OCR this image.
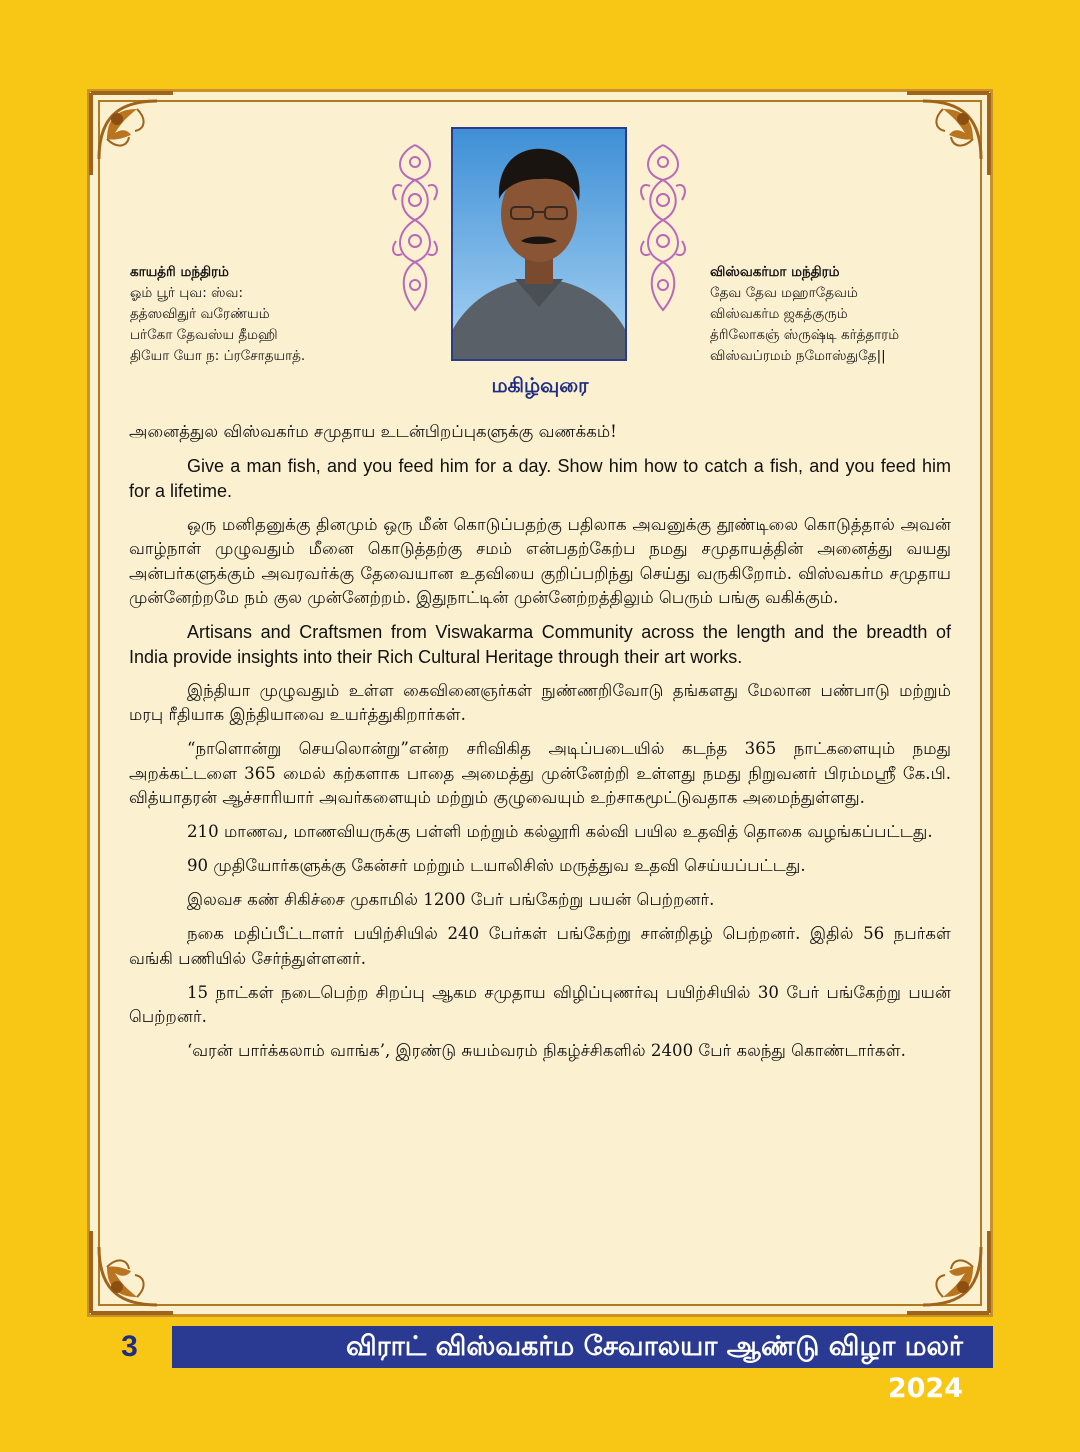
காயத்ரி மந்திரம்
ஓம் பூர் புவ: ஸ்வ:
தத்ஸவிதுர் வரேண்யம்
பர்கோ தேவஸ்ய தீமஹி
தியோ யோ ந: ப்ரசோதயாத்.
விஸ்வகர்மா மந்திரம்
தேவ தேவ மஹாதேவம்
விஸ்வகர்ம ஜகத்குரும்
த்ரிலோகஞ் ஸ்ருஷ்டி கர்த்தாரம்
விஸ்வப்ரமம் நமோஸ்துதே||
மகிழ்வுரை

அனைத்துல விஸ்வகர்ம சமுதாய உடன்பிறப்புகளுக்கு வணக்கம்!

Give a man fish, and you feed him for a day. Show him how to catch a fish, and you feed him for a lifetime.

ஒரு மனிதனுக்கு தினமும் ஒரு மீன் கொடுப்பதற்கு பதிலாக அவனுக்கு தூண்டிலை கொடுத்தால் அவன் வாழ்நாள் முழுவதும் மீனை கொடுத்தற்கு சமம் என்பதற்கேற்ப நமது சமுதாயத்தின் அனைத்து வயது அன்பர்களுக்கும் அவரவர்க்கு தேவையான உதவியை குறிப்பறிந்து செய்து வருகிறோம். விஸ்வகர்ம சமுதாய முன்னேற்றமே நம் குல முன்னேற்றம். இதுநாட்டின் முன்னேற்றத்திலும் பெரும் பங்கு வகிக்கும்.

Artisans and Craftsmen from Viswakarma Community across the length and the breadth of India provide insights into their Rich Cultural Heritage through their art works.

இந்தியா முழுவதும் உள்ள கைவினைஞர்கள் நுண்ணறிவோடு தங்களது மேலான பண்பாடு மற்றும் மரபு ரீதியாக இந்தியாவை உயர்த்துகிறார்கள்.

“நாளொன்று செயலொன்று”என்ற சரிவிகித அடிப்படையில் கடந்த 365 நாட்களையும் நமது அறக்கட்டளை 365 மைல் கற்களாக பாதை அமைத்து முன்னேற்றி உள்ளது நமது நிறுவனர் பிரம்மஸ்ரீ கே.பி. வித்யாதரன் ஆச்சாரியார் அவர்களையும் மற்றும் குழுவையும் உற்சாகமூட்டுவதாக அமைந்துள்ளது.

210 மாணவ, மாணவியருக்கு பள்ளி மற்றும் கல்லூரி கல்வி பயில உதவித் தொகை வழங்கப்பட்டது.

90 முதியோர்களுக்கு கேன்சர் மற்றும் டயாலிசிஸ் மருத்துவ உதவி செய்யப்பட்டது.

இலவச கண் சிகிச்சை முகாமில் 1200 பேர் பங்கேற்று பயன் பெற்றனர்.

நகை மதிப்பீட்டாளர் பயிற்சியில் 240 பேர்கள் பங்கேற்று சான்றிதழ் பெற்றனர். இதில் 56 நபர்கள் வங்கி பணியில் சேர்ந்துள்ளனர்.

15 நாட்கள் நடைபெற்ற சிறப்பு ஆகம சமுதாய விழிப்புணர்வு பயிற்சியில் 30 பேர் பங்கேற்று பயன் பெற்றனர்.

‘வரன் பார்க்கலாம் வாங்க’, இரண்டு சுயம்வரம் நிகழ்ச்சிகளில் 2400 பேர் கலந்து கொண்டார்கள்.

3	விராட் விஸ்வகர்ம சேவாலயா ஆண்டு விழா மலர் 2024
